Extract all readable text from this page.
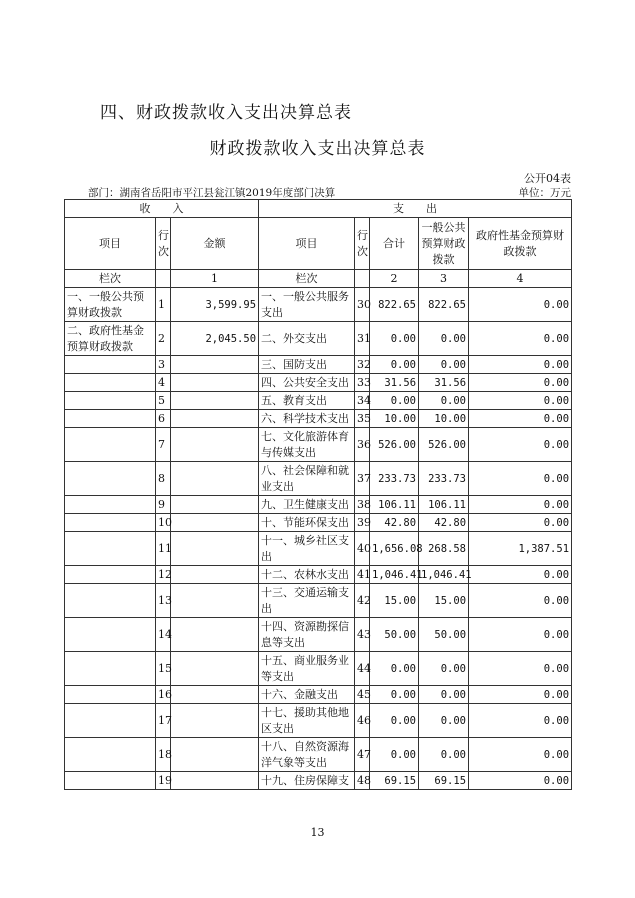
四、财政拨款收入支出决算总表
财政拨款收入支出决算总表
公开04表
部门：湖南省岳阳市平江县瓮江镇2019年度部门决算	单位：万元
收　　入			支　　出				
项目	行次	金额	项目	行次	合计	一般公共预算财政拨款	政府性基金预算财政拨款
栏次		1	栏次		2	3	4
一、一般公共预算财政拨款	1	3,599.95	一、一般公共服务支出	30	822.65	822.65	0.00
二、政府性基金预算财政拨款	2	2,045.50	二、外交支出	31	0.00	0.00	0.00
	3		三、国防支出	32	0.00	0.00	0.00
	4		四、公共安全支出	33	31.56	31.56	0.00
	5		五、教育支出	34	0.00	0.00	0.00
	6		六、科学技术支出	35	10.00	10.00	0.00
	7		七、文化旅游体育与传媒支出	36	526.00	526.00	0.00
	8		八、社会保障和就业支出	37	233.73	233.73	0.00
	9		九、卫生健康支出	38	106.11	106.11	0.00
	10		十、节能环保支出	39	42.80	42.80	0.00
	11		十一、城乡社区支出	40	1,656.08	268.58	1,387.51
	12		十二、农林水支出	41	1,046.41	1,046.41	0.00
	13		十三、交通运输支出	42	15.00	15.00	0.00
	14		十四、资源勘探信息等支出	43	50.00	50.00	0.00
	15		十五、商业服务业等支出	44	0.00	0.00	0.00
	16		十六、金融支出	45	0.00	0.00	0.00
	17		十七、援助其他地区支出	46	0.00	0.00	0.00
	18		十八、自然资源海洋气象等支出	47	0.00	0.00	0.00
	19		十九、住房保障支	48	69.15	69.15	0.00
13
